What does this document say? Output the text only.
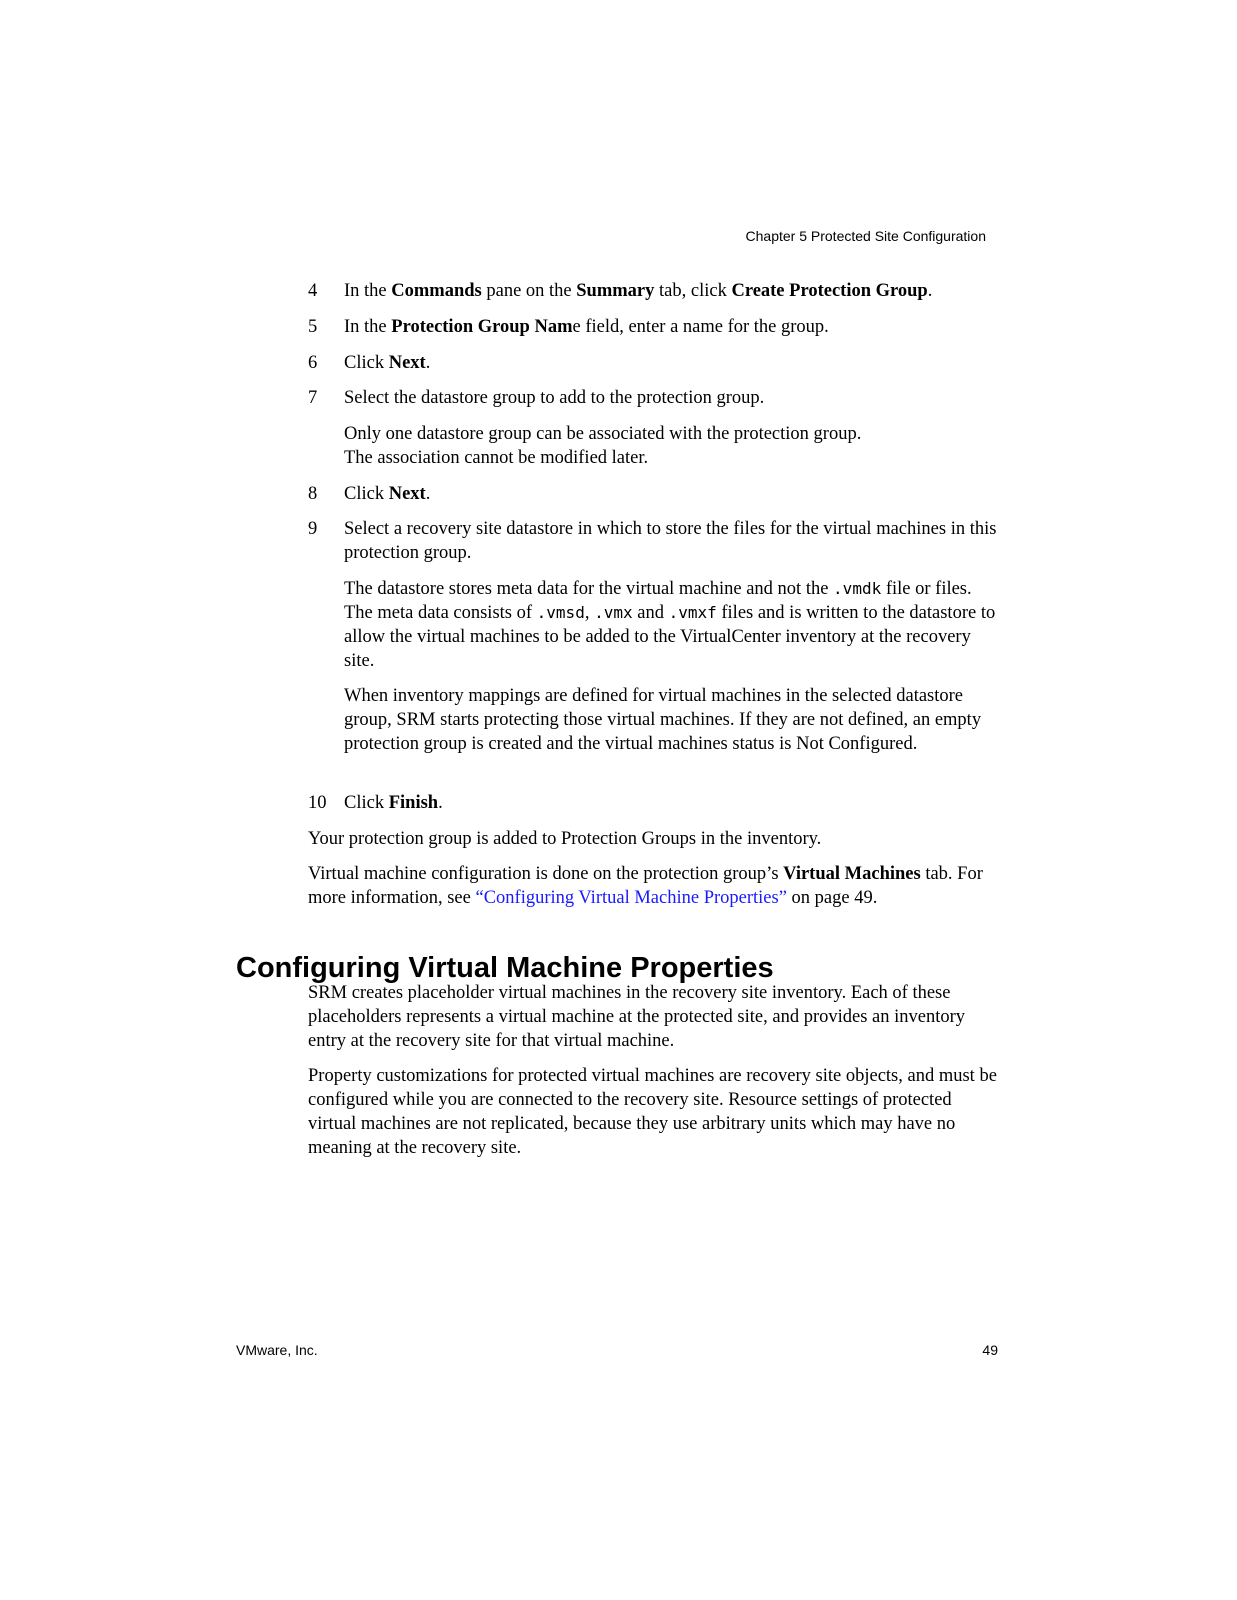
Chapter 5 Protected Site Configuration
4	In the Commands pane on the Summary tab, click Create Protection Group.
5	In the Protection Group Name field, enter a name for the group.
6	Click Next.
7	Select the datastore group to add to the protection group.
Only one datastore group can be associated with the protection group.
The association cannot be modified later.
8	Click Next.
9	Select a recovery site datastore in which to store the files for the virtual machines in this protection group.
The datastore stores meta data for the virtual machine and not the .vmdk file or files. The meta data consists of .vmsd, .vmx and .vmxf files and is written to the datastore to allow the virtual machines to be added to the VirtualCenter inventory at the recovery site.
When inventory mappings are defined for virtual machines in the selected datastore group, SRM starts protecting those virtual machines. If they are not defined, an empty protection group is created and the virtual machines status is Not Configured.
10 Click Finish.
Your protection group is added to Protection Groups in the inventory.
Virtual machine configuration is done on the protection group’s Virtual Machines tab. For more information, see “Configuring Virtual Machine Properties” on page 49.
Configuring Virtual Machine Properties
SRM creates placeholder virtual machines in the recovery site inventory. Each of these placeholders represents a virtual machine at the protected site, and provides an inventory entry at the recovery site for that virtual machine.
Property customizations for protected virtual machines are recovery site objects, and must be configured while you are connected to the recovery site. Resource settings of protected virtual machines are not replicated, because they use arbitrary units which may have no meaning at the recovery site.
VMware, Inc.	49
